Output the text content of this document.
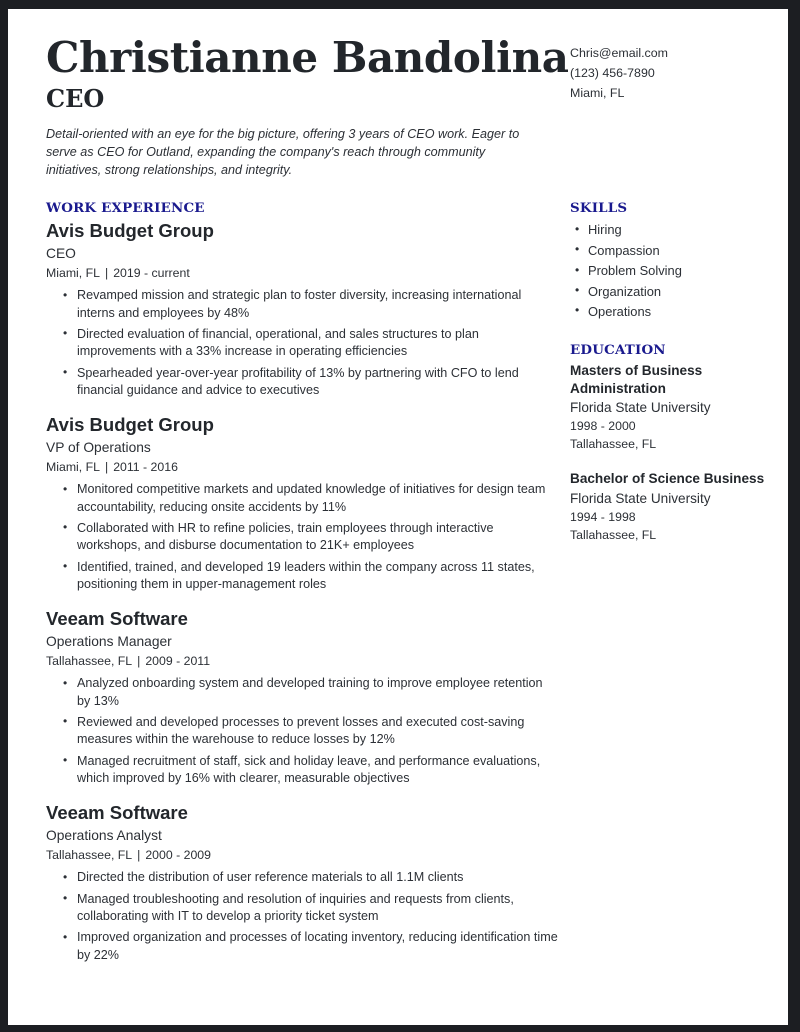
Christianne Bandolina
CEO
Detail-oriented with an eye for the big picture, offering 3 years of CEO work. Eager to serve as CEO for Outland, expanding the company's reach through community initiatives, strong relationships, and integrity.
Chris@email.com
(123) 456-7890
Miami, FL
WORK EXPERIENCE
Avis Budget Group
CEO
Miami, FL | 2019 - current
• Revamped mission and strategic plan to foster diversity, increasing international interns and employees by 48%
• Directed evaluation of financial, operational, and sales structures to plan improvements with a 33% increase in operating efficiencies
• Spearheaded year-over-year profitability of 13% by partnering with CFO to lend financial guidance and advice to executives
Avis Budget Group
VP of Operations
Miami, FL | 2011 - 2016
• Monitored competitive markets and updated knowledge of initiatives for design team accountability, reducing onsite accidents by 11%
• Collaborated with HR to refine policies, train employees through interactive workshops, and disburse documentation to 21K+ employees
• Identified, trained, and developed 19 leaders within the company across 11 states, positioning them in upper-management roles
Veeam Software
Operations Manager
Tallahassee, FL | 2009 - 2011
• Analyzed onboarding system and developed training to improve employee retention by 13%
• Reviewed and developed processes to prevent losses and executed cost-saving measures within the warehouse to reduce losses by 12%
• Managed recruitment of staff, sick and holiday leave, and performance evaluations, which improved by 16% with clearer, measurable objectives
Veeam Software
Operations Analyst
Tallahassee, FL | 2000 - 2009
• Directed the distribution of user reference materials to all 1.1M clients
• Managed troubleshooting and resolution of inquiries and requests from clients, collaborating with IT to develop a priority ticket system
• Improved organization and processes of locating inventory, reducing identification time by 22%
SKILLS
• Hiring
• Compassion
• Problem Solving
• Organization
• Operations
EDUCATION
Masters of Business Administration
Florida State University
1998 - 2000
Tallahassee, FL
Bachelor of Science Business
Florida State University
1994 - 1998
Tallahassee, FL
